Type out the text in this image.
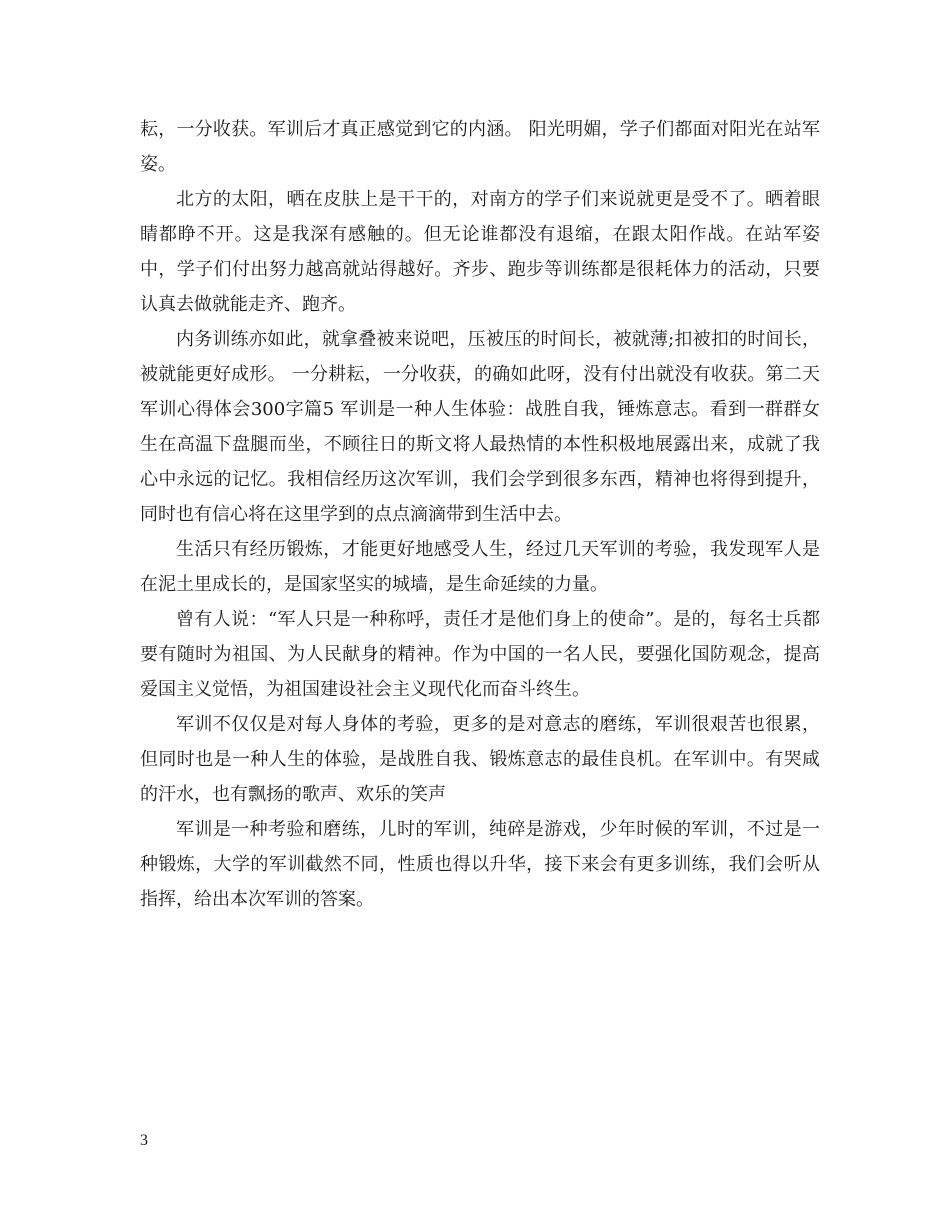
耘，一分收获。军训后才真正感觉到它的内涵。 阳光明媚，学子们都面对阳光在站军姿。

北方的太阳，晒在皮肤上是干干的，对南方的学子们来说就更是受不了。晒着眼睛都睁不开。这是我深有感触的。但无论谁都没有退缩，在跟太阳作战。在站军姿中，学子们付出努力越高就站得越好。齐步、跑步等训练都是很耗体力的活动，只要认真去做就能走齐、跑齐。

内务训练亦如此，就拿叠被来说吧，压被压的时间长，被就薄;扣被扣的时间长，被就能更好成形。 一分耕耘，一分收获，的确如此呀，没有付出就没有收获。第二天军训心得体会300字篇5 军训是一种人生体验：战胜自我，锤炼意志。看到一群群女生在高温下盘腿而坐，不顾往日的斯文将人最热情的本性积极地展露出来，成就了我心中永远的记忆。我相信经历这次军训，我们会学到很多东西，精神也将得到提升，同时也有信心将在这里学到的点点滴滴带到生活中去。

生活只有经历锻炼，才能更好地感受人生，经过几天军训的考验，我发现军人是在泥土里成长的，是国家坚实的城墙，是生命延续的力量。

曾有人说：“军人只是一种称呼，责任才是他们身上的使命”。是的，每名士兵都要有随时为祖国、为人民献身的精神。作为中国的一名人民，要强化国防观念，提高爱国主义觉悟，为祖国建设社会主义现代化而奋斗终生。

军训不仅仅是对每人身体的考验，更多的是对意志的磨练，军训很艰苦也很累，但同时也是一种人生的体验，是战胜自我、锻炼意志的最佳良机。在军训中。有哭咸的汗水，也有飘扬的歌声、欢乐的笑声

军训是一种考验和磨练，儿时的军训，纯碎是游戏，少年时候的军训，不过是一种锻炼，大学的军训截然不同，性质也得以升华，接下来会有更多训练，我们会听从指挥，给出本次军训的答案。

3
